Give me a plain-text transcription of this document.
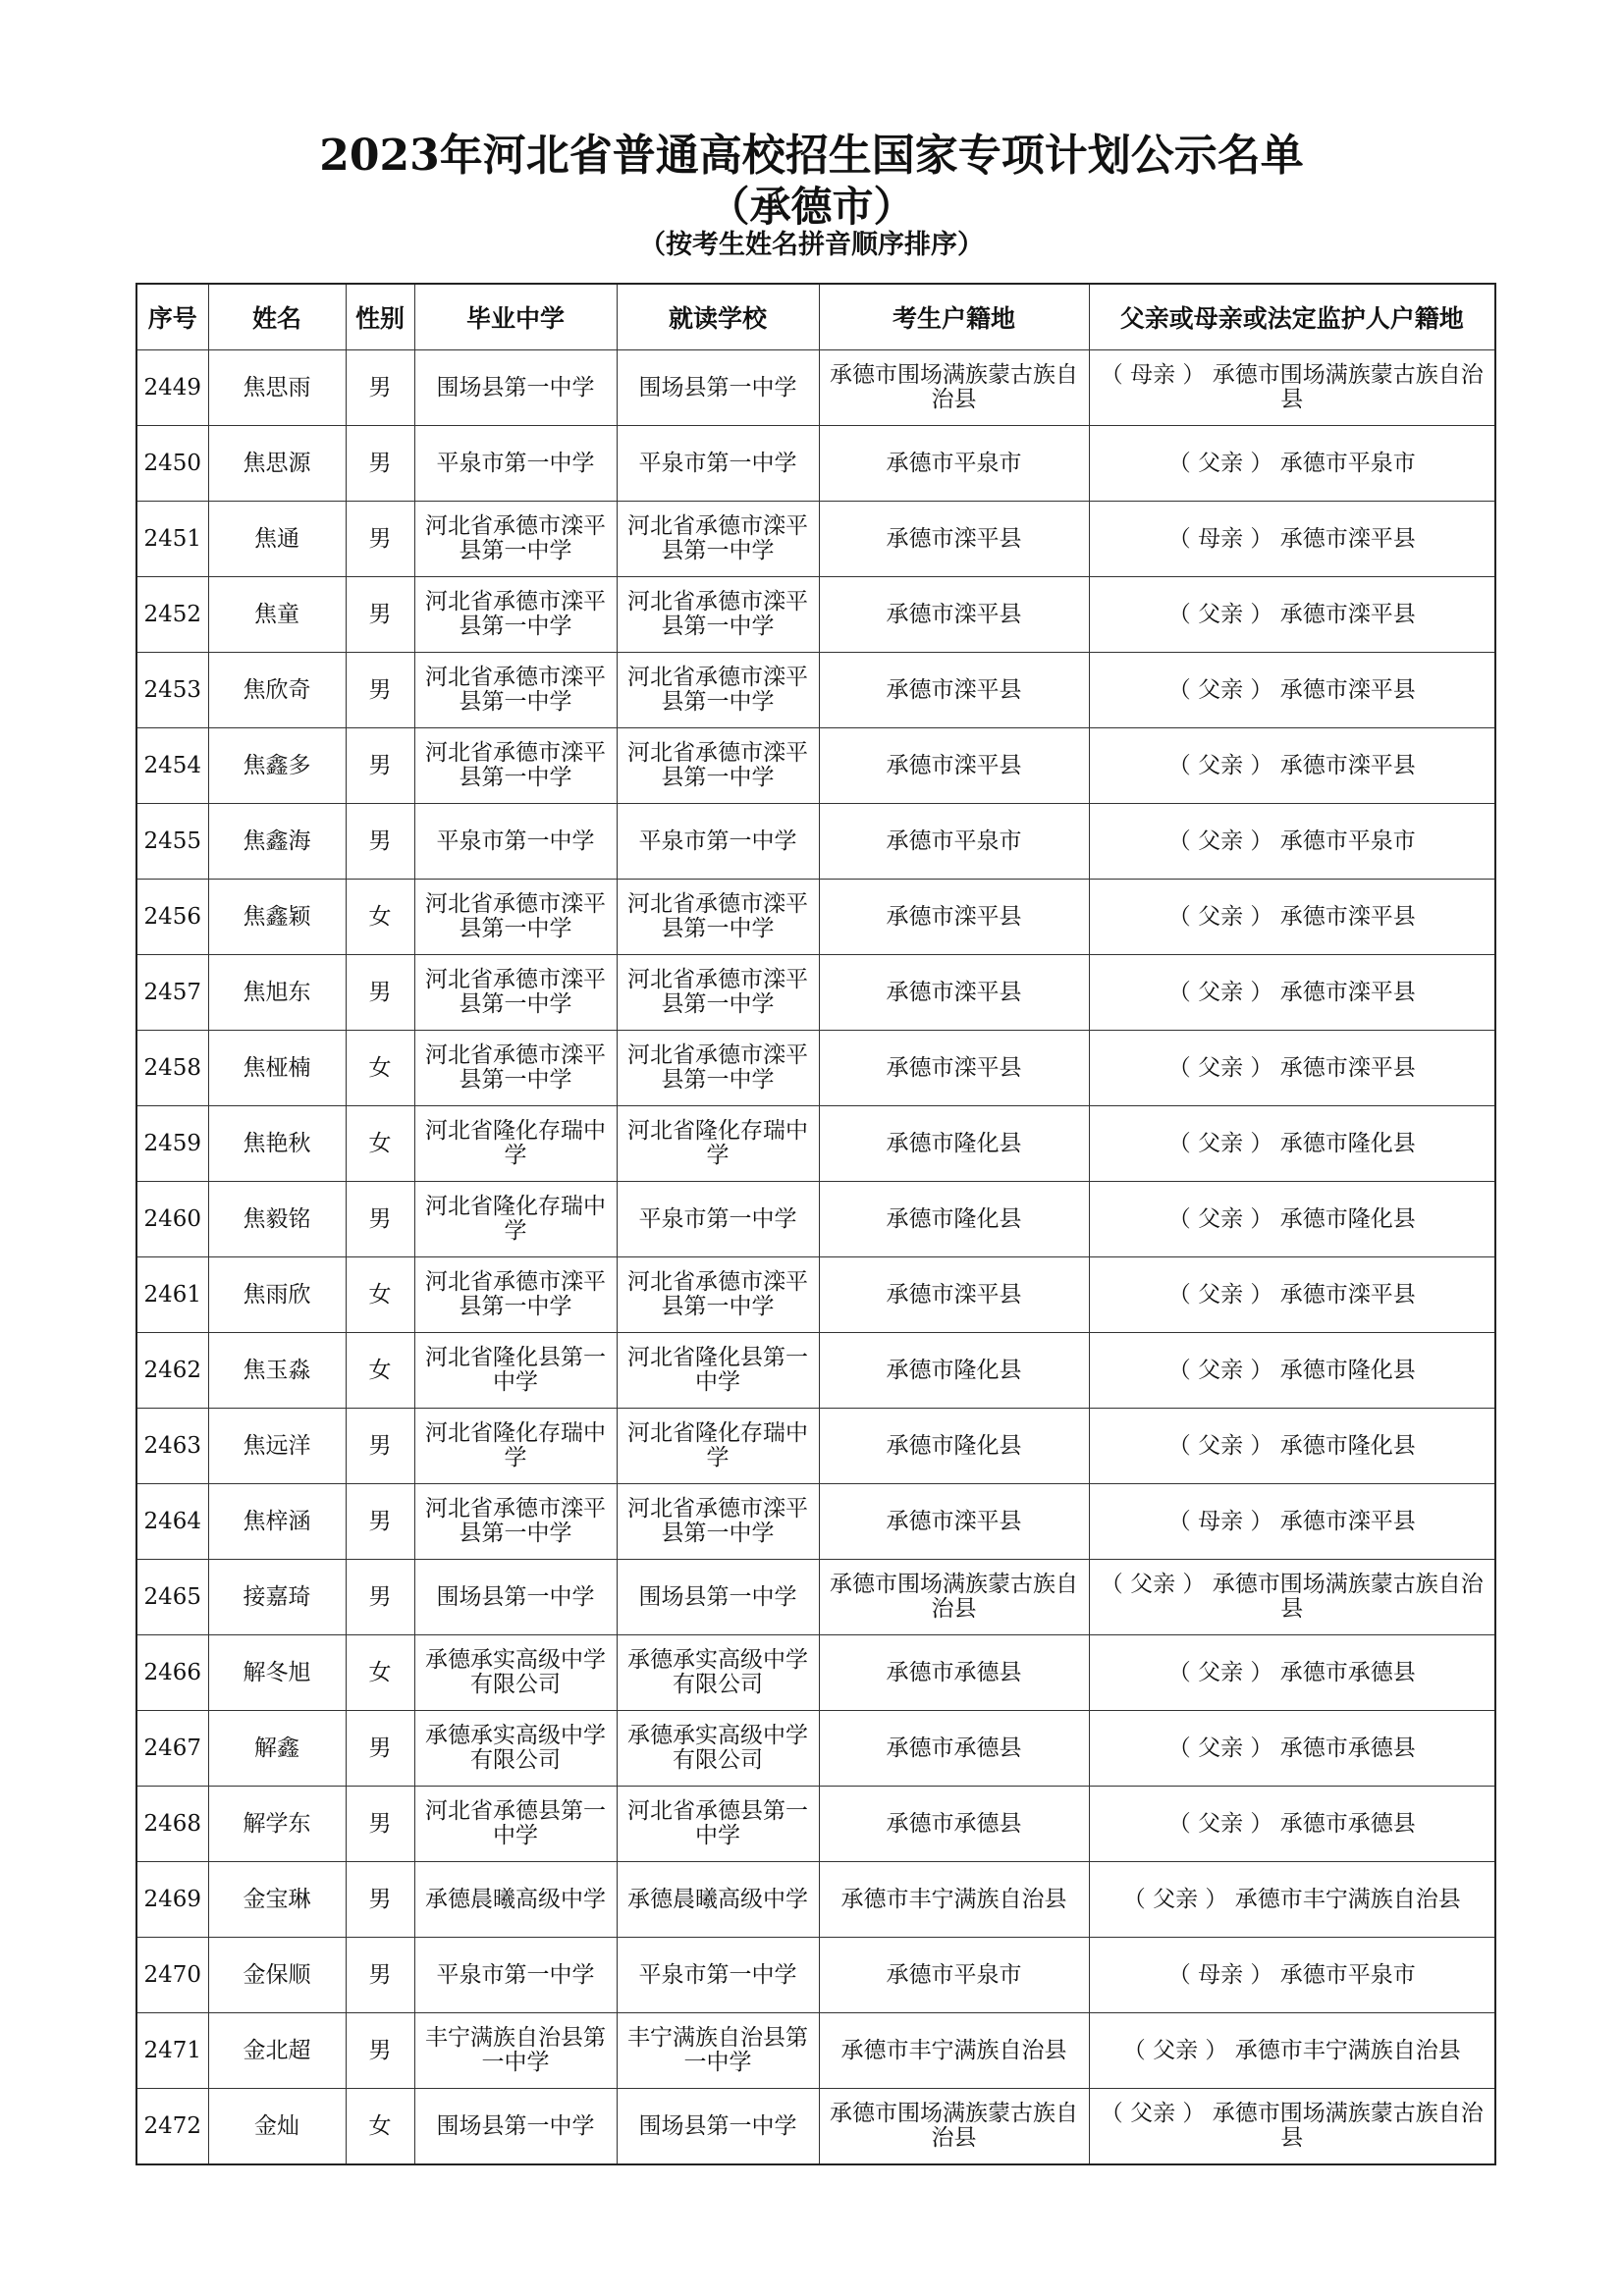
2023年河北省普通高校招生国家专项计划公示名单
（承德市）
（按考生姓名拼音顺序排序）
序号	姓名	性别	毕业中学	就读学校	考生户籍地	父亲或母亲或法定监护人户籍地
2449	焦思雨	男	围场县第一中学	围场县第一中学	承德市围场满族蒙古族自治县	（ 母亲 ） 承德市围场满族蒙古族自治县
2450	焦思源	男	平泉市第一中学	平泉市第一中学	承德市平泉市	（ 父亲 ） 承德市平泉市
2451	焦通	男	河北省承德市滦平县第一中学	河北省承德市滦平县第一中学	承德市滦平县	（ 母亲 ） 承德市滦平县
2452	焦童	男	河北省承德市滦平县第一中学	河北省承德市滦平县第一中学	承德市滦平县	（ 父亲 ） 承德市滦平县
2453	焦欣奇	男	河北省承德市滦平县第一中学	河北省承德市滦平县第一中学	承德市滦平县	（ 父亲 ） 承德市滦平县
2454	焦鑫多	男	河北省承德市滦平县第一中学	河北省承德市滦平县第一中学	承德市滦平县	（ 父亲 ） 承德市滦平县
2455	焦鑫海	男	平泉市第一中学	平泉市第一中学	承德市平泉市	（ 父亲 ） 承德市平泉市
2456	焦鑫颖	女	河北省承德市滦平县第一中学	河北省承德市滦平县第一中学	承德市滦平县	（ 父亲 ） 承德市滦平县
2457	焦旭东	男	河北省承德市滦平县第一中学	河北省承德市滦平县第一中学	承德市滦平县	（ 父亲 ） 承德市滦平县
2458	焦桠楠	女	河北省承德市滦平县第一中学	河北省承德市滦平县第一中学	承德市滦平县	（ 父亲 ） 承德市滦平县
2459	焦艳秋	女	河北省隆化存瑞中学	河北省隆化存瑞中学	承德市隆化县	（ 父亲 ） 承德市隆化县
2460	焦毅铭	男	河北省隆化存瑞中学	平泉市第一中学	承德市隆化县	（ 父亲 ） 承德市隆化县
2461	焦雨欣	女	河北省承德市滦平县第一中学	河北省承德市滦平县第一中学	承德市滦平县	（ 父亲 ） 承德市滦平县
2462	焦玉淼	女	河北省隆化县第一中学	河北省隆化县第一中学	承德市隆化县	（ 父亲 ） 承德市隆化县
2463	焦远洋	男	河北省隆化存瑞中学	河北省隆化存瑞中学	承德市隆化县	（ 父亲 ） 承德市隆化县
2464	焦梓涵	男	河北省承德市滦平县第一中学	河北省承德市滦平县第一中学	承德市滦平县	（ 母亲 ） 承德市滦平县
2465	接嘉琦	男	围场县第一中学	围场县第一中学	承德市围场满族蒙古族自治县	（ 父亲 ） 承德市围场满族蒙古族自治县
2466	解冬旭	女	承德承实高级中学有限公司	承德承实高级中学有限公司	承德市承德县	（ 父亲 ） 承德市承德县
2467	解鑫	男	承德承实高级中学有限公司	承德承实高级中学有限公司	承德市承德县	（ 父亲 ） 承德市承德县
2468	解学东	男	河北省承德县第一中学	河北省承德县第一中学	承德市承德县	（ 父亲 ） 承德市承德县
2469	金宝琳	男	承德晨曦高级中学	承德晨曦高级中学	承德市丰宁满族自治县	（ 父亲 ） 承德市丰宁满族自治县
2470	金保顺	男	平泉市第一中学	平泉市第一中学	承德市平泉市	（ 母亲 ） 承德市平泉市
2471	金北超	男	丰宁满族自治县第一中学	丰宁满族自治县第一中学	承德市丰宁满族自治县	（ 父亲 ） 承德市丰宁满族自治县
2472	金灿	女	围场县第一中学	围场县第一中学	承德市围场满族蒙古族自治县	（ 父亲 ） 承德市围场满族蒙古族自治县
